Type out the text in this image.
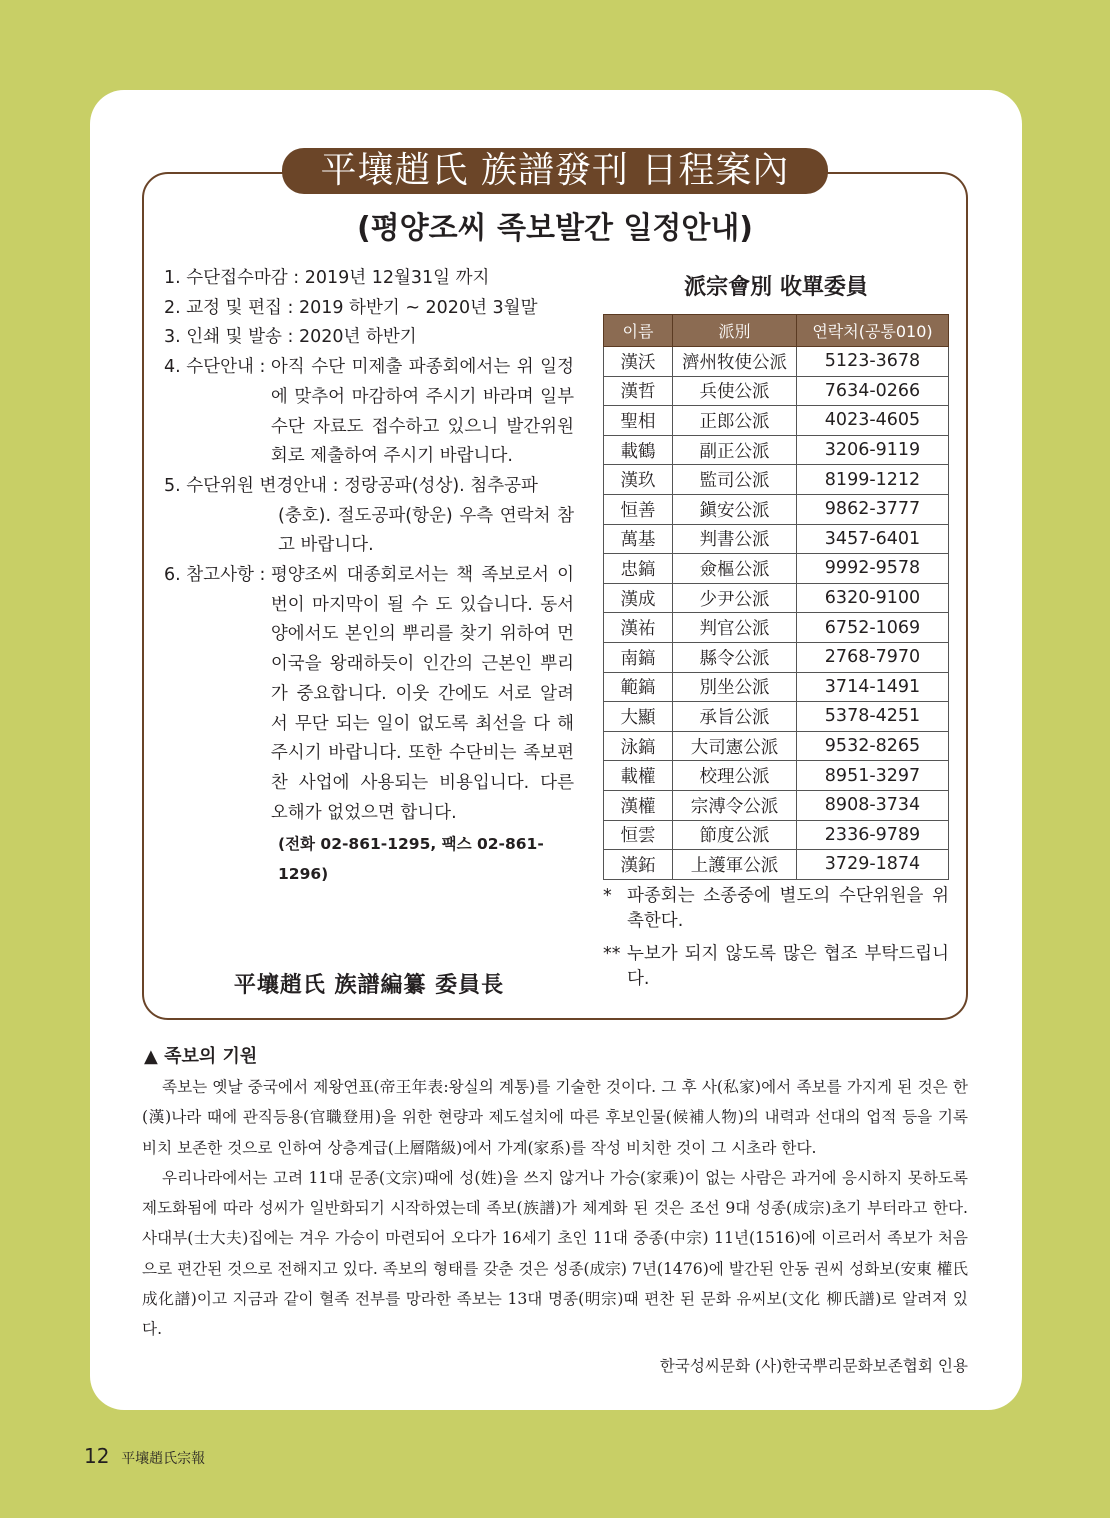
平壤趙氏 族譜發刊 日程案內
(평양조씨 족보발간 일정안내)
1. 수단접수마감 : 2019년 12월31일 까지
2. 교정 및 편집 : 2019 하반기 ~ 2020년 3월말
3. 인쇄 및 발송 : 2020년 하반기
4. 수단안내 : 아직 수단 미제출 파종회에서는 위 일정에 맞추어 마감하여 주시기 바라며 일부 수단 자료도 접수하고 있으니 발간위원회로 제출하여 주시기 바랍니다.
5. 수단위원 변경안내 : 정랑공파(성상). 첨추공파
(충호). 절도공파(항운) 우측 연락처 참고 바랍니다.
6. 참고사항 : 평양조씨 대종회로서는 책 족보로서 이번이 마지막이 될 수 도 있습니다. 동서양에서도 본인의 뿌리를 찾기 위하여 먼 이국을 왕래하듯이 인간의 근본인 뿌리가 중요합니다. 이웃 간에도 서로 알려서 무단 되는 일이 없도록 최선을 다 해주시기 바랍니다. 또한 수단비는 족보편찬 사업에 사용되는 비용입니다. 다른 오해가 없었으면 합니다.
(전화 02-861-1295, 팩스 02-861-1296)
平壤趙氏 族譜編纂 委員長
派宗會別 收單委員
이름	派別	연락처(공통010)
漢沃	濟州牧使公派	5123-3678
漢哲	兵使公派	7634-0266
聖相	正郎公派	4023-4605
載鶴	副正公派	3206-9119
漢玖	監司公派	8199-1212
恒善	鎭安公派	9862-3777
萬基	判書公派	3457-6401
忠鎬	僉樞公派	9992-9578
漢成	少尹公派	6320-9100
漢祐	判官公派	6752-1069
南鎬	縣令公派	2768-7970
範鎬	別坐公派	3714-1491
大顯	承旨公派	5378-4251
泳鎬	大司憲公派	9532-8265
載權	校理公派	8951-3297
漢權	宗溥令公派	8908-3734
恒雲	節度公派	2336-9789
漢鉐	上護軍公派	3729-1874
* 파종회는 소종중에 별도의 수단위원을 위촉한다.
** 누보가 되지 않도록 많은 협조 부탁드립니다.
▲ 족보의 기원

족보는 옛날 중국에서 제왕연표(帝王年表:왕실의 계통)를 기술한 것이다. 그 후 사(私家)에서 족보를 가지게 된 것은 한(漢)나라 때에 관직등용(官職登用)을 위한 현량과 제도설치에 따른 후보인물(候補人物)의 내력과 선대의 업적 등을 기록 비치 보존한 것으로 인하여 상층계급(上層階級)에서 가계(家系)를 작성 비치한 것이 그 시초라 한다.

우리나라에서는 고려 11대 문종(文宗)때에 성(姓)을 쓰지 않거나 가승(家乘)이 없는 사람은 과거에 응시하지 못하도록 제도화됨에 따라 성씨가 일반화되기 시작하였는데 족보(族譜)가 체계화 된 것은 조선 9대 성종(成宗)초기 부터라고 한다. 사대부(士大夫)집에는 겨우 가승이 마련되어 오다가 16세기 초인 11대 중종(中宗) 11년(1516)에 이르러서 족보가 처음으로 편간된 것으로 전해지고 있다. 족보의 형태를 갖춘 것은 성종(成宗) 7년(1476)에 발간된 안동 권씨 성화보(安東 權氏 成化譜)이고 지금과 같이 혈족 전부를 망라한 족보는 13대 명종(明宗)때 편찬 된 문화 유씨보(文化 柳氏譜)로 알려져 있다.

한국성씨문화 (사)한국뿌리문화보존협회 인용
12 平壤趙氏宗報
